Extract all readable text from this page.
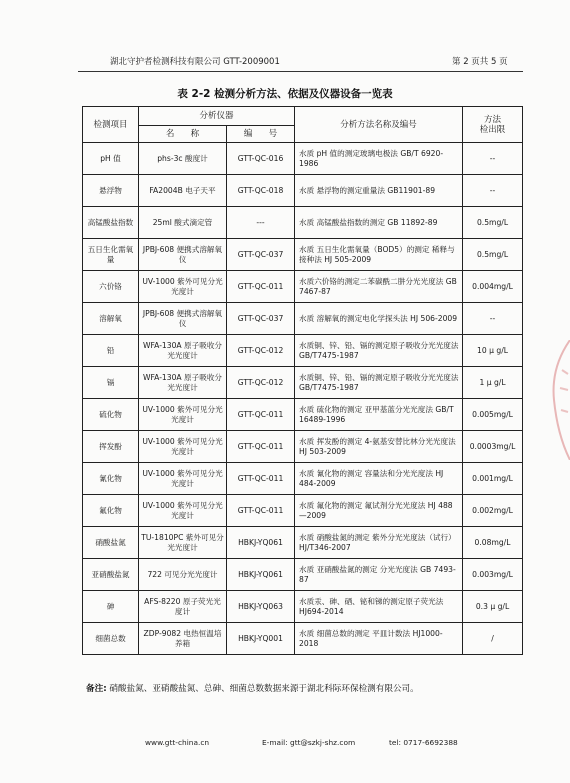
湖北守护者检测科技有限公司 GTT-2009001	第 2 页共 5 页
表 2-2 检测分析方法、依据及仪器设备一览表
检测项目	分析仪器		分析方法名称及编号	方法
检出限
	名      称	编      号		
pH 值	phs-3c 酸度计	GTT-QC-016	水质 pH 值的测定玻璃电极法 GB/T 6920-1986	--
悬浮物	FA2004B 电子天平	GTT-QC-018	水质 悬浮物的测定重量法 GB11901-89	--
高锰酸盐指数	25ml 酸式滴定管	---	水质 高锰酸盐指数的测定 GB 11892-89	0.5mg/L
五日生化需氧量	JPBJ-608 便携式溶解氧仪	GTT-QC-037	水质 五日生化需氧量（BOD5）的测定 稀释与接种法 HJ 505-2009	0.5mg/L
六价铬	UV-1000 紫外可见分光光度计	GTT-QC-011	水质六价铬的测定二苯碳酰二肼分光光度法 GB 7467-87	0.004mg/L
溶解氧	JPBJ-608 便携式溶解氧仪	GTT-QC-037	水质 溶解氧的测定电化学探头法 HJ 506-2009	--
铅	WFA-130A 原子吸收分光光度计	GTT-QC-012	水质铜、锌、铅、镉的测定原子吸收分光光度法 GB/T7475-1987	10 μ g/L
镉	WFA-130A 原子吸收分光光度计	GTT-QC-012	水质铜、锌、铅、镉的测定原子吸收分光光度法 GB/T7475-1987	1 μ g/L
硫化物	UV-1000 紫外可见分光光度计	GTT-QC-011	水质 硫化物的测定 亚甲基蓝分光光度法 GB/T 16489-1996	0.005mg/L
挥发酚	UV-1000 紫外可见分光光度计	GTT-QC-011	水质 挥发酚的测定 4-氨基安替比林分光光度法 HJ 503-2009	0.0003mg/L
氰化物	UV-1000 紫外可见分光光度计	GTT-QC-011	水质 氰化物的测定 容量法和分光光度法 HJ 484-2009	0.001mg/L
氟化物	UV-1000 紫外可见分光光度计	GTT-QC-011	水质 氟化物的测定 氟试剂分光光度法 HJ 488—2009	0.002mg/L
硝酸盐氮	TU-1810PC 紫外可见分光光度计	HBKJ-YQ061	水质 硝酸盐氮的测定 紫外分光光度法（试行）HJ/T346-2007	0.08mg/L
亚硝酸盐氮	722 可见分光光度计	HBKJ-YQ061	水质 亚硝酸盐氮的测定 分光光度法 GB 7493-87	0.003mg/L
砷	AFS-8220 原子荧光光度计	HBKJ-YQ063	水质汞、砷、硒、铋和锑的测定原子荧光法 HJ694-2014	0.3 μ g/L
细菌总数	ZDP-9082 电热恒温培养箱	HBKJ-YQ001	水质 细菌总数的测定 平皿计数法 HJ1000-2018	/
备注: 硝酸盐氮、亚硝酸盐氮、总砷、细菌总数数据来源于湖北科际环保检测有限公司。
www.gtt-china.cn	E-mail: gtt@szkj-shz.com	tel: 0717-6692388
